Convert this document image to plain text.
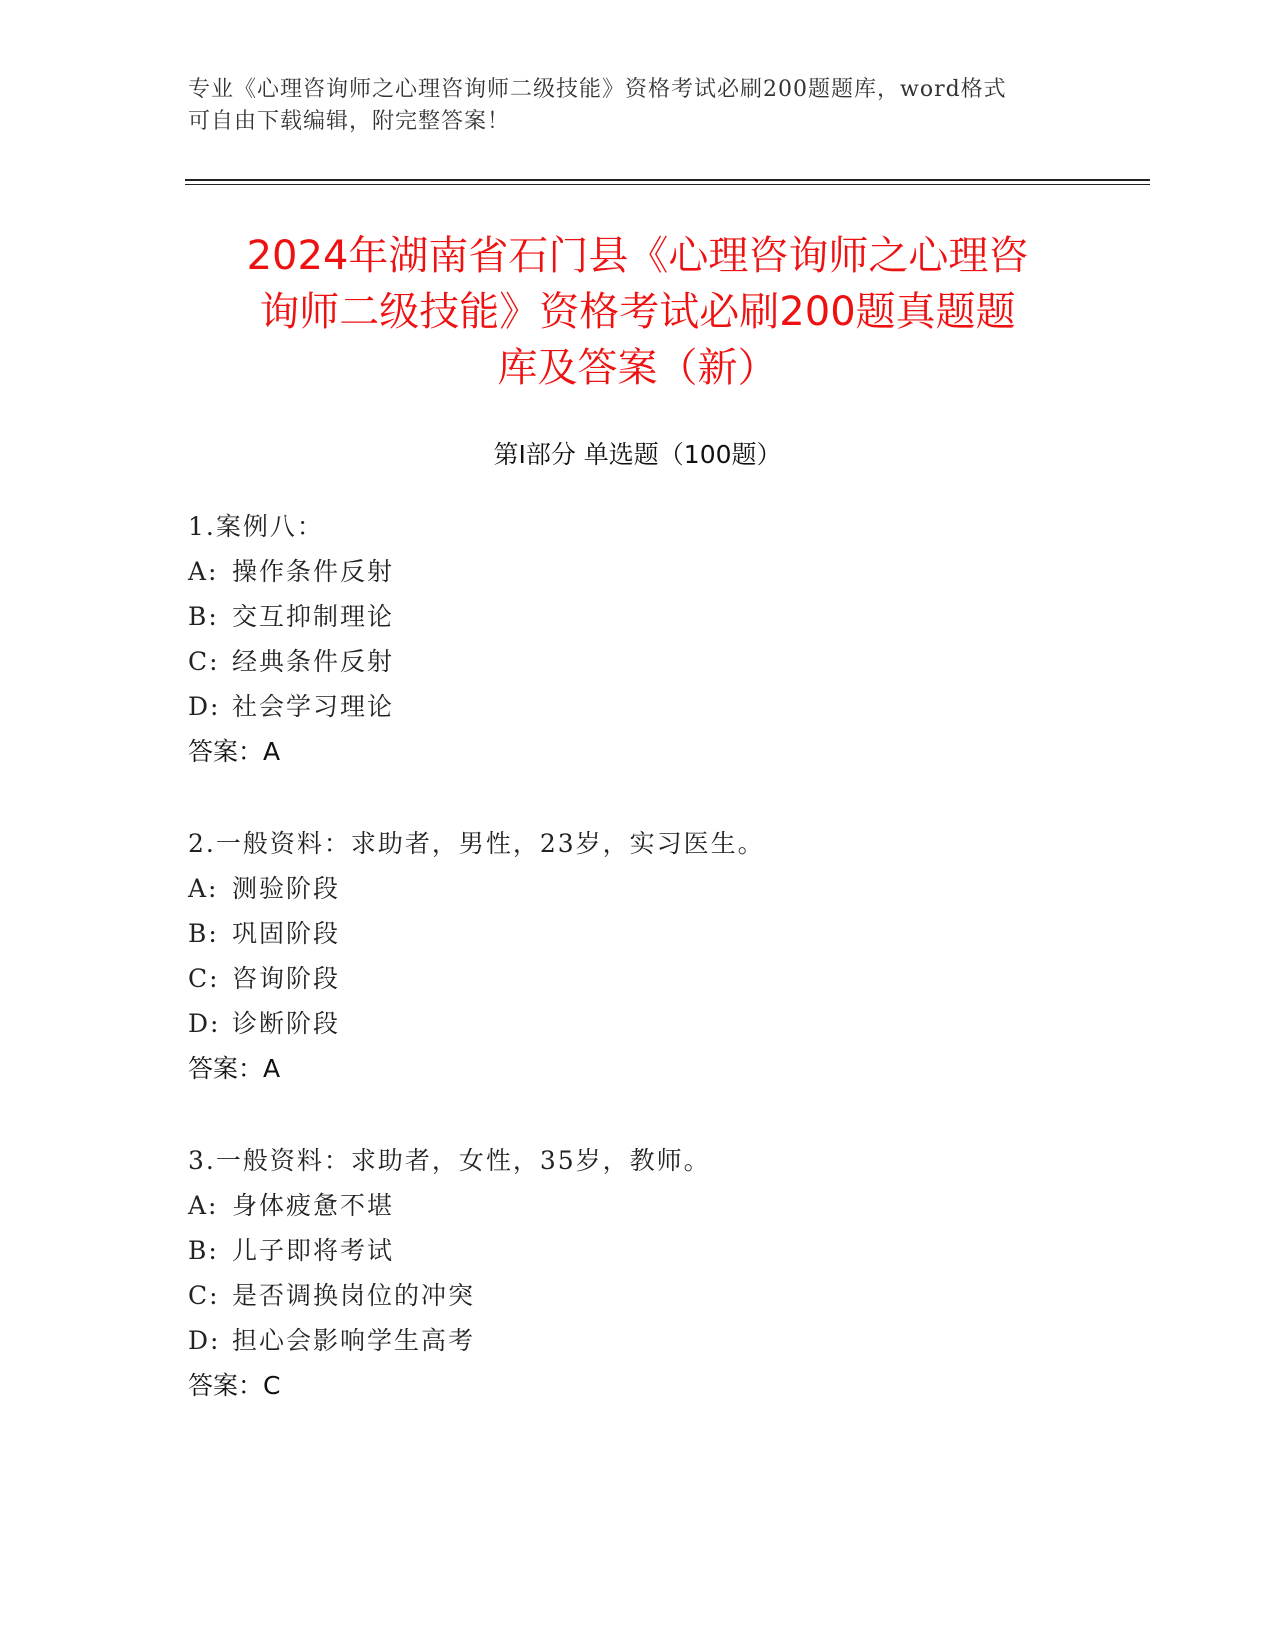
专业《心理咨询师之心理咨询师二级技能》资格考试必刷200题题库，word格式
可自由下载编辑，附完整答案！
2024年湖南省石门县《心理咨询师之心理咨
询师二级技能》资格考试必刷200题真题题
库及答案（新）
第Ⅰ部分 单选题（100题）
1.案例八：
A: 操作条件反射
B: 交互抑制理论
C: 经典条件反射
D: 社会学习理论
答案：A
2.一般资料：求助者，男性，23岁，实习医生。
A: 测验阶段
B: 巩固阶段
C: 咨询阶段
D: 诊断阶段
答案：A
3.一般资料：求助者，女性，35岁，教师。
A: 身体疲惫不堪
B: 儿子即将考试
C: 是否调换岗位的冲突
D: 担心会影响学生高考
答案：C
